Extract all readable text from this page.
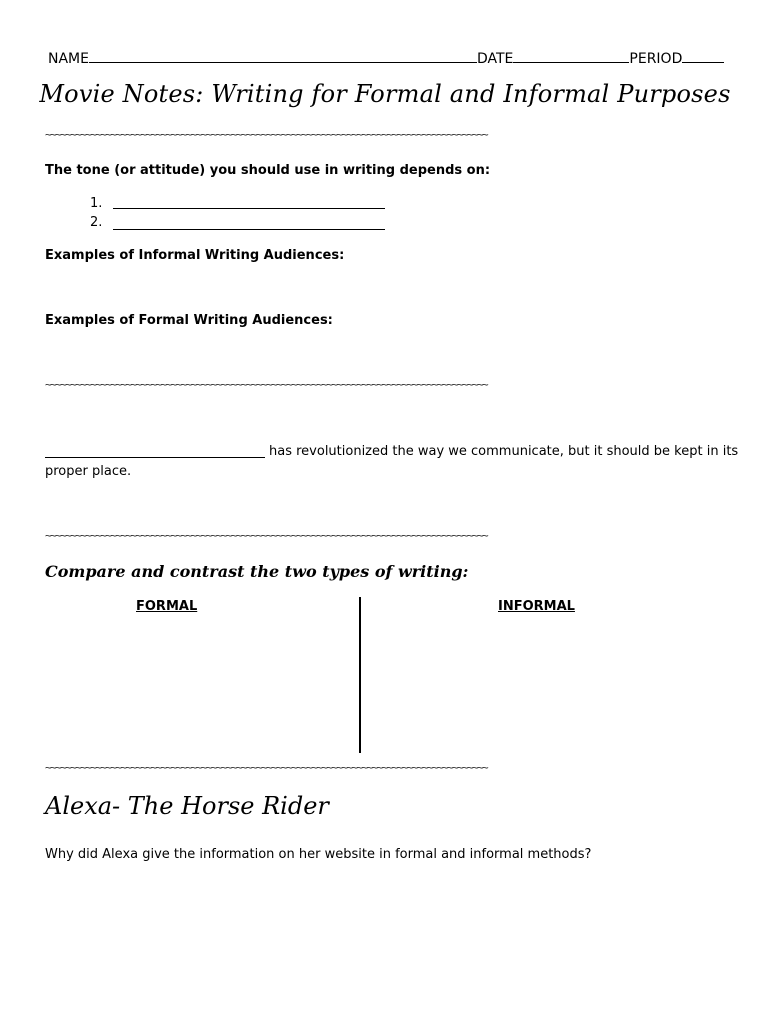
NAME	DATE	PERIOD
Movie Notes: Writing for Formal and Informal Purposes
~~~~~~~~~~~~~~~~~~~~~~~~~~~~~~~~~~~~~~~~~~~~~~~~~~~~~~~~~~~~~~~~~~~~~~~~~~~~~~~~~~~~~~~~
The tone (or attitude) you should use in writing depends on:
1.
2.
Examples of Informal Writing Audiences:
Examples of Formal Writing Audiences:
~~~~~~~~~~~~~~~~~~~~~~~~~~~~~~~~~~~~~~~~~~~~~~~~~~~~~~~~~~~~~~~~~~~~~~~~~~~~~~~~~~~~~~~~
has revolutionized the way we communicate, but it should be kept in its
proper place.
~~~~~~~~~~~~~~~~~~~~~~~~~~~~~~~~~~~~~~~~~~~~~~~~~~~~~~~~~~~~~~~~~~~~~~~~~~~~~~~~~~~~~~~~
Compare and contrast the two types of writing:
FORMAL	INFORMAL
~~~~~~~~~~~~~~~~~~~~~~~~~~~~~~~~~~~~~~~~~~~~~~~~~~~~~~~~~~~~~~~~~~~~~~~~~~~~~~~~~~~~~~~~
Alexa- The Horse Rider
Why did Alexa give the information on her website in formal and informal methods?
